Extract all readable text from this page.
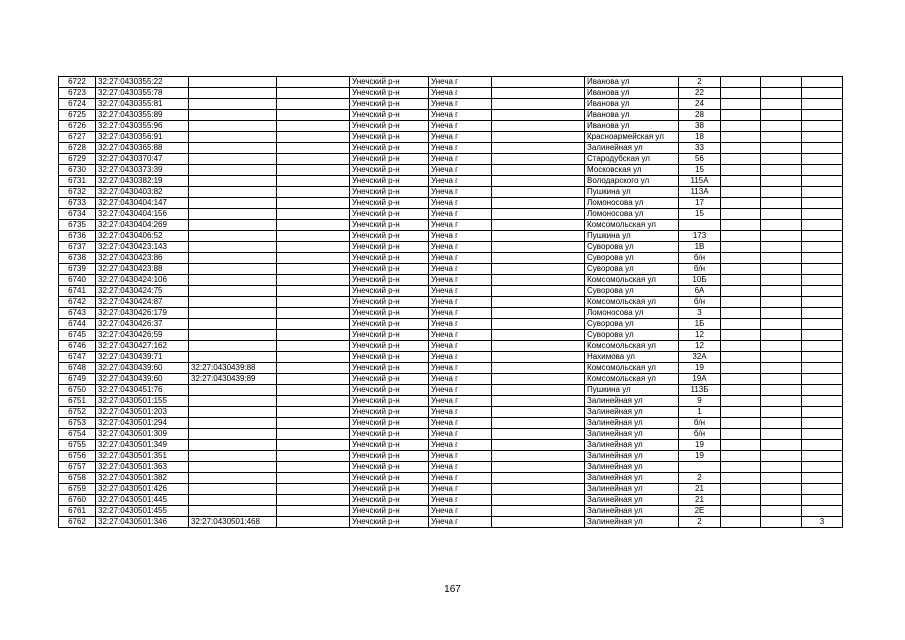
6722	32:27:0430355:22			Унечский р-н	Унеча г		Иванова ул	2			
6723	32:27:0430355:78			Унечский р-н	Унеча г		Иванова ул	22			
6724	32:27:0430355:81			Унечский р-н	Унеча г		Иванова ул	24			
6725	32:27:0430355:89			Унечский р-н	Унеча г		Иванова ул	28			
6726	32:27:0430355:96			Унечский р-н	Унеча г		Иванова ул	38			
6727	32:27:0430356:91			Унечский р-н	Унеча г		Красноармейская ул	18			
6728	32:27:0430365:88			Унечский р-н	Унеча г		Залинейная ул	33			
6729	32:27:0430370:47			Унечский р-н	Унеча г		Стародубская ул	56			
6730	32:27:0430373:39			Унечский р-н	Унеча г		Московская ул	15			
6731	32:27:0430382:19			Унечский р-н	Унеча г		Володарского ул	115А			
6732	32:27:0430403:82			Унечский р-н	Унеча г		Пушкина ул	113А			
6733	32:27:0430404:147			Унечский р-н	Унеча г		Ломоносова ул	17			
6734	32:27:0430404:156			Унечский р-н	Унеча г		Ломоносова ул	15			
6735	32:27:0430404:269			Унечский р-н	Унеча г		Комсомольская ул				
6736	32:27:0430406:52			Унечский р-н	Унеча г		Пушкина ул	173			
6737	32:27:0430423:143			Унечский р-н	Унеча г		Суворова ул	1В			
6738	32:27:0430423:86			Унечский р-н	Унеча г		Суворова ул	б/н			
6739	32:27:0430423:88			Унечский р-н	Унеча г		Суворова ул	б/н			
6740	32:27:0430424:106			Унечский р-н	Унеча г		Комсомольская ул	10Б			
6741	32:27:0430424:75			Унечский р-н	Унеча г		Суворова ул	6А			
6742	32:27:0430424:87			Унечский р-н	Унеча г		Комсомольская ул	б/н			
6743	32:27:0430426:179			Унечский р-н	Унеча г		Ломоносова ул	3			
6744	32:27:0430426:37			Унечский р-н	Унеча г		Суворова ул	1Б			
6745	32:27:0430426:59			Унечский р-н	Унеча г		Суворова ул	12			
6746	32:27:0430427:162			Унечский р-н	Унеча г		Комсомольская ул	12			
6747	32:27:0430439:71			Унечский р-н	Унеча г		Нахимова ул	32А			
6748	32:27:0430439:60	32:27:0430439:88		Унечский р-н	Унеча г		Комсомольская ул	19			
6749	32:27:0430439:60	32:27:0430439:89		Унечский р-н	Унеча г		Комсомольская ул	19А			
6750	32:27:0430451:76			Унечский р-н	Унеча г		Пушкина ул	113Б			
6751	32:27:0430501:155			Унечский р-н	Унеча г		Залинейная ул	9			
6752	32:27:0430501:203			Унечский р-н	Унеча г		Залинейная ул	1			
6753	32:27:0430501:294			Унечский р-н	Унеча г		Залинейная ул	б/н			
6754	32:27:0430501:309			Унечский р-н	Унеча г		Залинейная ул	б/н			
6755	32:27:0430501:349			Унечский р-н	Унеча г		Залинейная ул	19			
6756	32:27:0430501:351			Унечский р-н	Унеча г		Залинейная ул	19			
6757	32:27:0430501:363			Унечский р-н	Унеча г		Залинейная ул				
6758	32:27:0430501:382			Унечский р-н	Унеча г		Залинейная ул	2			
6759	32:27:0430501:426			Унечский р-н	Унеча г		Залинейная ул	21			
6760	32:27:0430501:445			Унечский р-н	Унеча г		Залинейная ул	21			
6761	32:27:0430501:455			Унечский р-н	Унеча г		Залинейная ул	2Е			
6762	32:27:0430501:346	32:27:0430501:468		Унечский р-н	Унеча г		Залинейная ул	2			3
167
